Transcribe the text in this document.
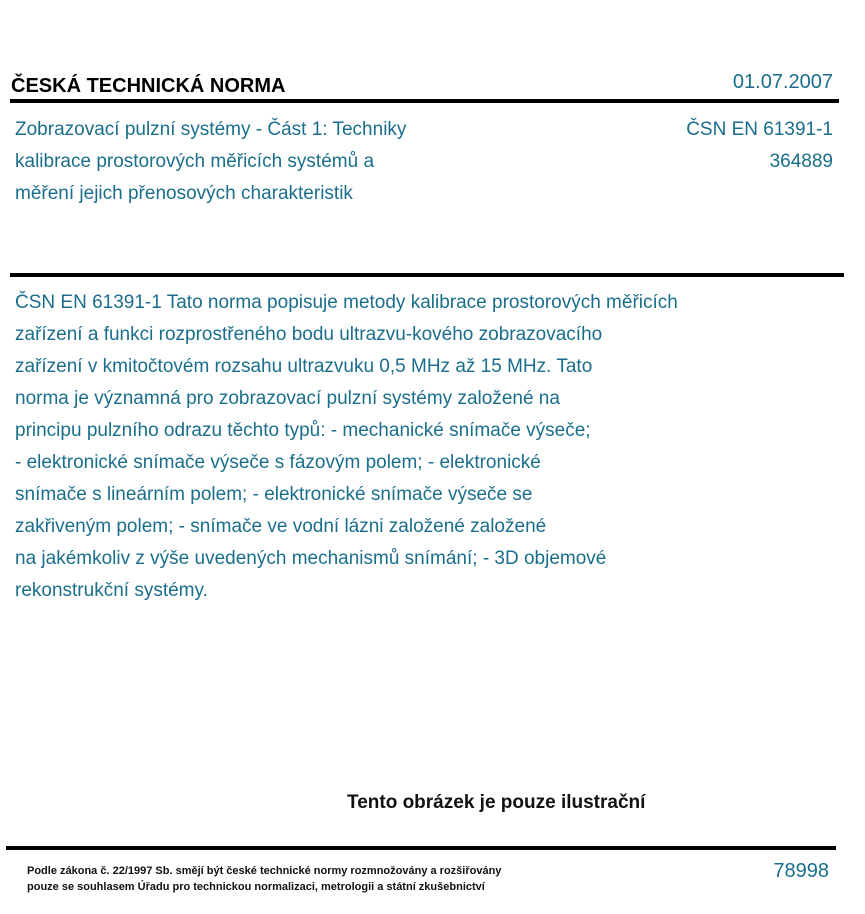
ČESKÁ TECHNICKÁ NORMA	01.07.2007
Zobrazovací pulzní systémy - Část 1: Techniky
kalibrace prostorových měřicích systémů a
měření jejich přenosových charakteristik
ČSN EN 61391-1
364889
ČSN EN 61391-1 Tato norma popisuje metody kalibrace prostorových měřicích
zařízení a funkci rozprostřeného bodu ultrazvu-kového zobrazovacího
zařízení v kmitočtovém rozsahu ultrazvuku 0,5 MHz až 15 MHz. Tato
norma je významná pro zobrazovací pulzní systémy založené na
principu pulzního odrazu těchto typů: - mechanické snímače výseče;
- elektronické snímače výseče s fázovým polem; - elektronické
snímače s lineárním polem; - elektronické snímače výseče se
zakřiveným polem; - snímače ve vodní lázni založené založené
na jakémkoliv z výše uvedených mechanismů snímání; - 3D objemové
rekonstrukční systémy.
Tento obrázek je pouze ilustrační
Podle zákona č. 22/1997 Sb. smějí být české technické normy rozmnožovány a rozšiřovány
pouze se souhlasem Úřadu pro technickou normalizaci, metrologii a státní zkušebnictví
78998
